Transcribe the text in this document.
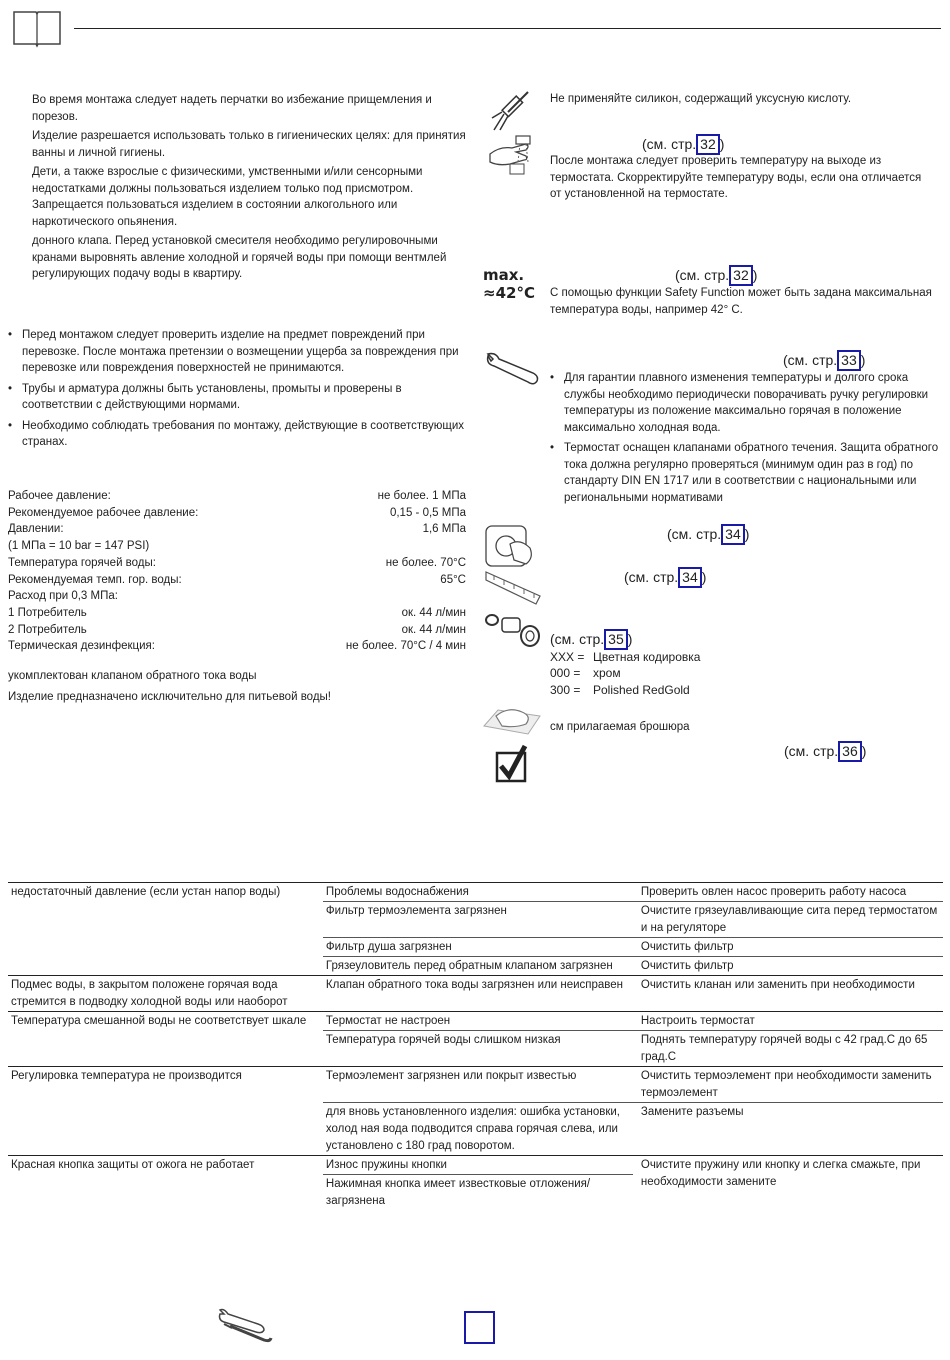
Во время монтажа следует надеть перчатки во избежание прищемления и порезов.

Изделие разрешается использовать только в гигиенических целях: для принятия ванны и личной гигиены.

Дети, а также взрослые с физическими, умственными и/или сенсорными недостатками должны пользоваться изделием только под присмотром. Запрещается пользоваться изделием в состоянии алкогольного или наркотического опьянения.

донного клапа. Перед установкой смесителя необходимо регулировочными кранами выровнять авление холодной и горячей воды при помощи вентмлей регулирующих подачу воды в квартиру.

• Перед монтажом следует проверить изделие на предмет повреждений при перевозке. После монтажа претензии о возмещении ущерба за повреждения при перевозке или повреждения поверхностей не принимаются.

• Трубы и арматура должны быть установлены, промыты и проверены в соответствии с действующими нормами.

• Необходимо соблюдать требования по монтажу, действующие в соответствующих странах.

Рабочее давление:	не более. 1 МПа
Рекомендуемое рабочее давление:	0,15 - 0,5 МПа
Давлении:	1,6 МПа
(1 МПа = 10 bar = 147 PSI)
Температура горячей воды:	не более. 70°C
Рекомендуемая темп. гор. воды:	65°C
Расход при 0,3 МПа:
1 Потребитель	ок. 44 л/мин
2 Потребитель	ок. 44 л/мин
Термическая дезинфекция:	не более. 70°C / 4 мин

укомплектован клапаном обратного тока воды

Изделие предназначено исключительно для питьевой воды!

max.
≈42°C

Не применяйте силикон, содержащий уксусную кислоту.

(см. стр. 32 )

После монтажа следует проверить температуру на выходе из термостата. Скорректируйте температуру воды, если она отличается от установленной на термостате.

(см. стр. 32 )

С помощью функции Safety Function может быть задана максимальная температура воды, например 42° C.

(см. стр. 33 )

• Для гарантии плавного изменения температуры и долгого срока службы необходимо периодически поворачивать ручку регулировки температуры из положение максимально горячая в положение максимально холодная вода.

• Термостат оснащен клапанами обратного течения. Защита обратного тока должна регулярно проверяться (минимум один раз в год) по стандарту DIN EN 1717 или в соответствии с национальными или региональными нормативами

(см. стр. 34 )
(см. стр. 34 )
(см. стр. 35 )
XXX = Цветная кодировка
000 = хром
300 = Polished RedGold

см прилагаемая брошюра

(см. стр. 36 )
недостаточный давление (если устан напор воды)	Проблемы водоснабжения	Проверить овлен насос проверить работу насоса
	Фильтр термоэлемента загрязнен	Очистите грязеулавливающие сита перед термостатом и на регуляторе
	Фильтр душа загрязнен	Очистить фильтр
	Грязеуловитель перед обратным клапаном загрязнен	Очистить фильтр
Подмес воды, в закрытом положене горячая вода стремится в подводку холодной воды или наоборот	Клапан обратного тока воды загрязнен или неисправен	Очистить кланан или заменить при необходимости
Температура смешанной воды не соответствует шкале	Термостат не настроен	Настроить термостат
	Температура горячей воды слишком низкая	Поднять температуру горячей воды с 42 град.С до 65 град.С
Регулировка температура не производится	Термоэлемент загрязнен или покрыт известью	Очистить термоэлемент при необходимости заменить термоэлемент
	для вновь установленного изделия: ошибка установки, холод ная вода подводится справа горячая слева, или установлено с 180 град поворотом.	Замените разъемы
Красная кнопка защиты от ожога не работает	Износ пружины кнопки	Очистите пружину или кнопку и слегка смажьте, при необходимости замените
	Нажимная кнопка имеет известковые отложения/ загрязнена	
